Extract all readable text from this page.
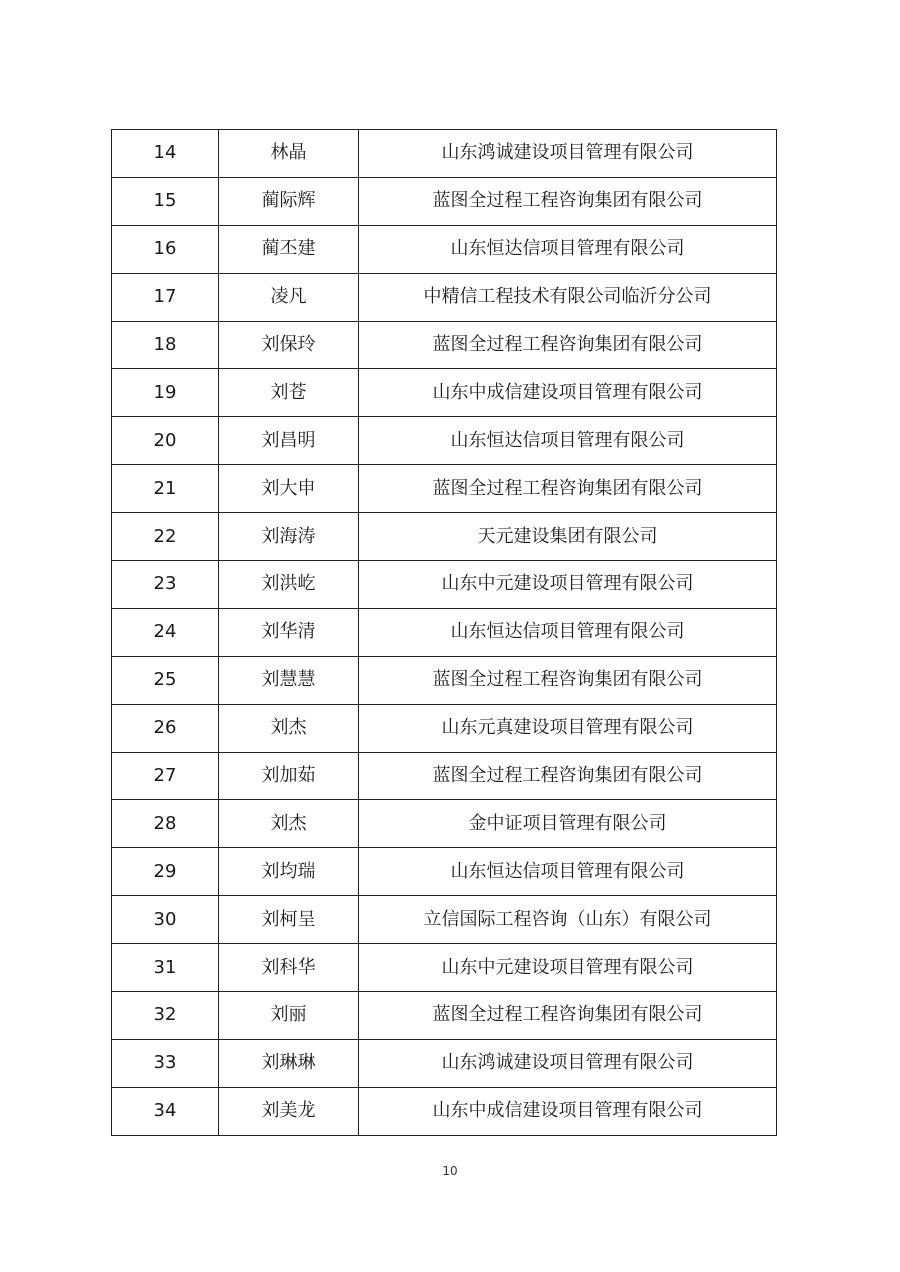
14	林晶	山东鸿诚建设项目管理有限公司
15	蔺际辉	蓝图全过程工程咨询集团有限公司
16	蔺丕建	山东恒达信项目管理有限公司
17	凌凡	中精信工程技术有限公司临沂分公司
18	刘保玲	蓝图全过程工程咨询集团有限公司
19	刘苍	山东中成信建设项目管理有限公司
20	刘昌明	山东恒达信项目管理有限公司
21	刘大申	蓝图全过程工程咨询集团有限公司
22	刘海涛	天元建设集团有限公司
23	刘洪屹	山东中元建设项目管理有限公司
24	刘华清	山东恒达信项目管理有限公司
25	刘慧慧	蓝图全过程工程咨询集团有限公司
26	刘杰	山东元真建设项目管理有限公司
27	刘加茹	蓝图全过程工程咨询集团有限公司
28	刘杰	金中证项目管理有限公司
29	刘均瑞	山东恒达信项目管理有限公司
30	刘柯呈	立信国际工程咨询（山东）有限公司
31	刘科华	山东中元建设项目管理有限公司
32	刘丽	蓝图全过程工程咨询集团有限公司
33	刘琳琳	山东鸿诚建设项目管理有限公司
34	刘美龙	山东中成信建设项目管理有限公司
10
